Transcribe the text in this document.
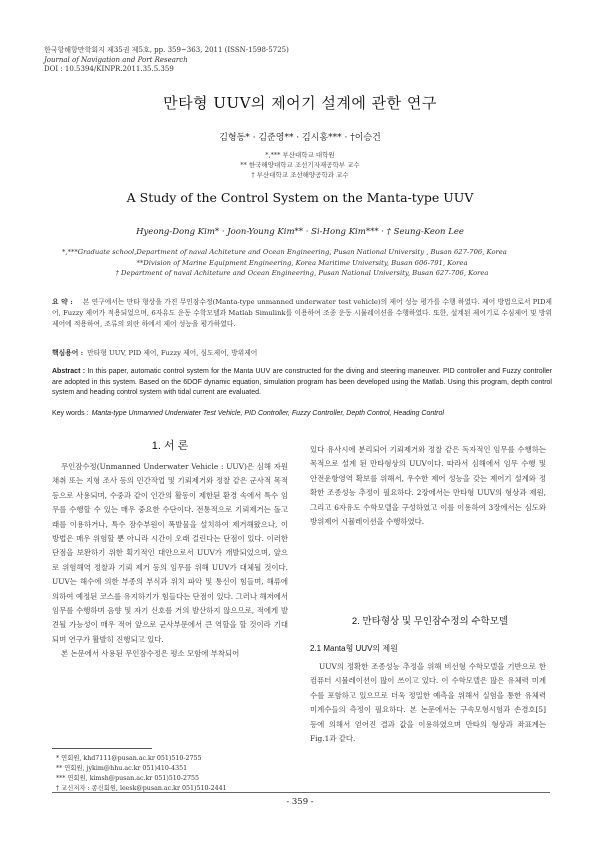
한국항해항만학회지 제35권 제5호, pp. 359~363, 2011 (ISSN-1598-5725)
Journal of Navigation and Port Research
DOI : 10.5394/KINPR.2011.35.5.359
만타형 UUV의 제어기 설계에 관한 연구
김형동* · 김준영** · 김시홍*** · †이승건
*,*** 부산대학교 대학원
** 한국해양대학교 조선기자재공학부 교수
† 부산대학교 조선해양공학과 교수
A Study of the Control System on the Manta-type UUV
Hyeong-Dong Kim* · Joon-Young Kim** · Si-Hong Kim*** · † Seung-Keon Lee
*,***Graduate school,Department of naval Achiteture and Ocean Engineering, Pusan National University , Busan 627-706, Korea
**Division of Marine Equipment Engineering, Korea Maritime University, Busan 606-791, Korea
† Department of naval Achiteture and Ocean Engineering, Pusan National University, Busan 627-706, Korea
요 약 : 본 연구에서는 만타 형상을 가진 무인잠수정(Manta-type unmanned underwater test vehicle)의 제어 성능 평가를 수행 하였다. 제어 방법으로서 PID제어, Fuzzy 제어가 적용되었으며, 6자유도 운동 수학모델과 Matlab Simulink를 이용하여 조종 운동 시뮬레이션을 수행하였다. 또한, 설계된 제어기로 수심제어 및 방위제어에 적용하여, 조류의 외란 하에서 제어 성능을 평가하였다.
핵심용어 : 만타형 UUV, PID 제어, Fuzzy 제어, 심도제어, 방위제어
Abstract : In this paper, automatic control system for the Manta UUV are constructed for the diving and steering maneuver. PID controller and Fuzzy controller are adopted in this system. Based on the 6DOF dynamic equation, simulation program has been developed using the Matlab. Using this program, depth control system and heading control system with tidal current are evaluated.
Key words : Manta-type Unmanned Underwater Test Vehicle, PID Controller, Fuzzy Controller, Depth Control, Heading Control
1. 서 론

무인잠수정(Unmanned Underwater Vehicle : UUV)은 심해 자원 채취 또는 지형 조사 등의 민간작업 및 기뢰제거와 정찰 같은 군사적 목적 등으로 사용되며, 수중과 같이 인간의 활동이 제한된 환경 속에서 특수 임무를 수행할 수 있는 매우 중요한 수단이다. 전통적으로 기뢰제거는 돌고래를 이용하거나, 특수 잠수부원이 폭발물을 설치하여 제거해왔으나, 이 방법은 매우 위험할 뿐 아니라 시간이 오래 걸린다는 단점이 있다. 이러한 단점을 보완하기 위한 획기적인 대안으로서 UUV가 개발되었으며, 앞으로 위험해역 정찰과 기뢰 제거 등의 임무를 위해 UUV가 대체될 것이다. UUV는 해수에 의한 부종의 부식과 위치 파악 및 통신이 힘들며, 해류에 의하여 예정된 코스를 유지하기가 힘들다는 단점이 있다. 그러나 해저에서 임무를 수행하며 음향 및 자기 신호를 거의 발산하지 않으므로, 적에게 발견될 가능성이 매우 적어 앞으로 군사부문에서 큰 역할을 할 것이라 기대되며 연구가 활발히 진행되고 있다.

본 논문에서 사용된 무인잠수정은 평소 모함에 부착되어

있다 유사시에 분리되어 기뢰제거와 정찰 같은 독자적인 임무를 수행하는 목적으로 설계 된 만타형상의 UUV이다. 따라서 심해에서 임무 수행 및 안전운항영역 확보를 위해서, 우수한 제어 성능을 갖는 제어기 설계와 정확한 조종성능 추정이 필요하다. 2장에서는 만타형 UUV의 형상과 제원, 그리고 6자유도 수학모델을 구성하였고 이를 이용하여 3장에서는 심도와 방위제어 시뮬레이션을 수행하였다.

2. 만타형상 및 무인잠수정의 수학모델
2.1 Manta형 UUV의 제원

UUV의 정확한 조종성능 추정을 위해 비선형 수학모델을 기반으로 한 컴퓨터 시뮬레이션이 많이 쓰이고 있다. 이 수학모델은 많은 유체력 미계수를 포함하고 있으므로 더욱 정밀한 예측을 위해서 실험을 통한 유체력 미계수들의 측정이 필요하다. 본 논문에서는 구속모형시험과 손경호[5] 등에 의해서 얻어진 결과 값을 이용하였으며 만타의 형상과 좌표계는 Fig.1과 같다.

* 연회원, khd7111@pusan.ac.kr 051)510-2755
** 연회원, jykim@hhu.ac.kr 051)410-4351
*** 연회원, kimsh@pusan.ac.kr 051)510-2755
† 교신저자 : 종신회원, leesk@pusan.ac.kr 051)510-2441
- 359 -
